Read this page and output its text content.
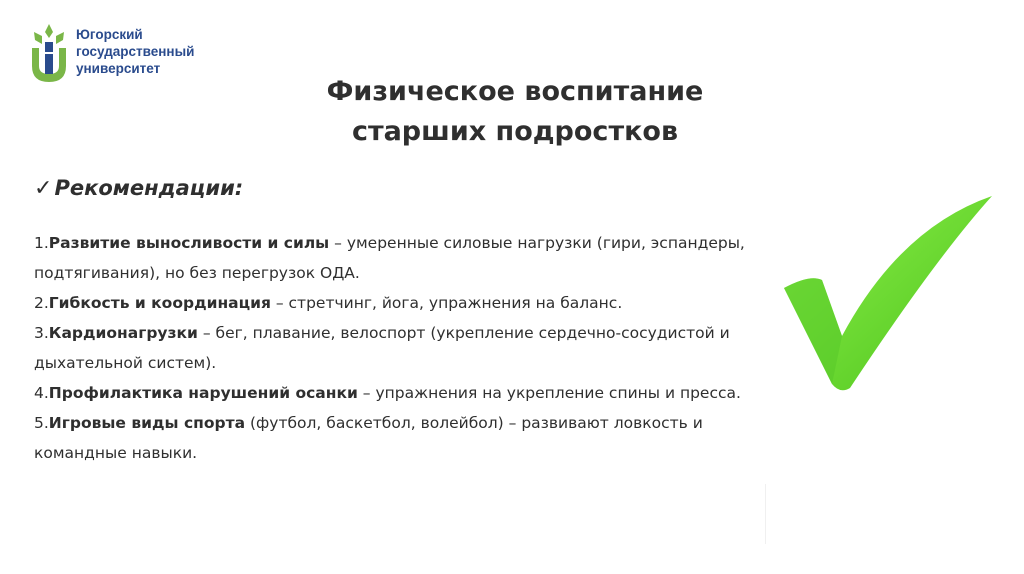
Югорский
государственный
университет
Физическое воспитание
старших подростков
✓Рекомендации:

1.Развитие выносливости и силы – умеренные силовые нагрузки (гири, эспандеры, подтягивания), но без перегрузок ОДА.

2.Гибкость и координация – стретчинг, йога, упражнения на баланс.

3.Кардионагрузки – бег, плавание, велоспорт (укрепление сердечно-сосудистой и дыхательной систем).

4.Профилактика нарушений осанки – упражнения на укрепление спины и пресса.

5.Игровые виды спорта (футбол, баскетбол, волейбол) – развивают ловкость и командные навыки.
